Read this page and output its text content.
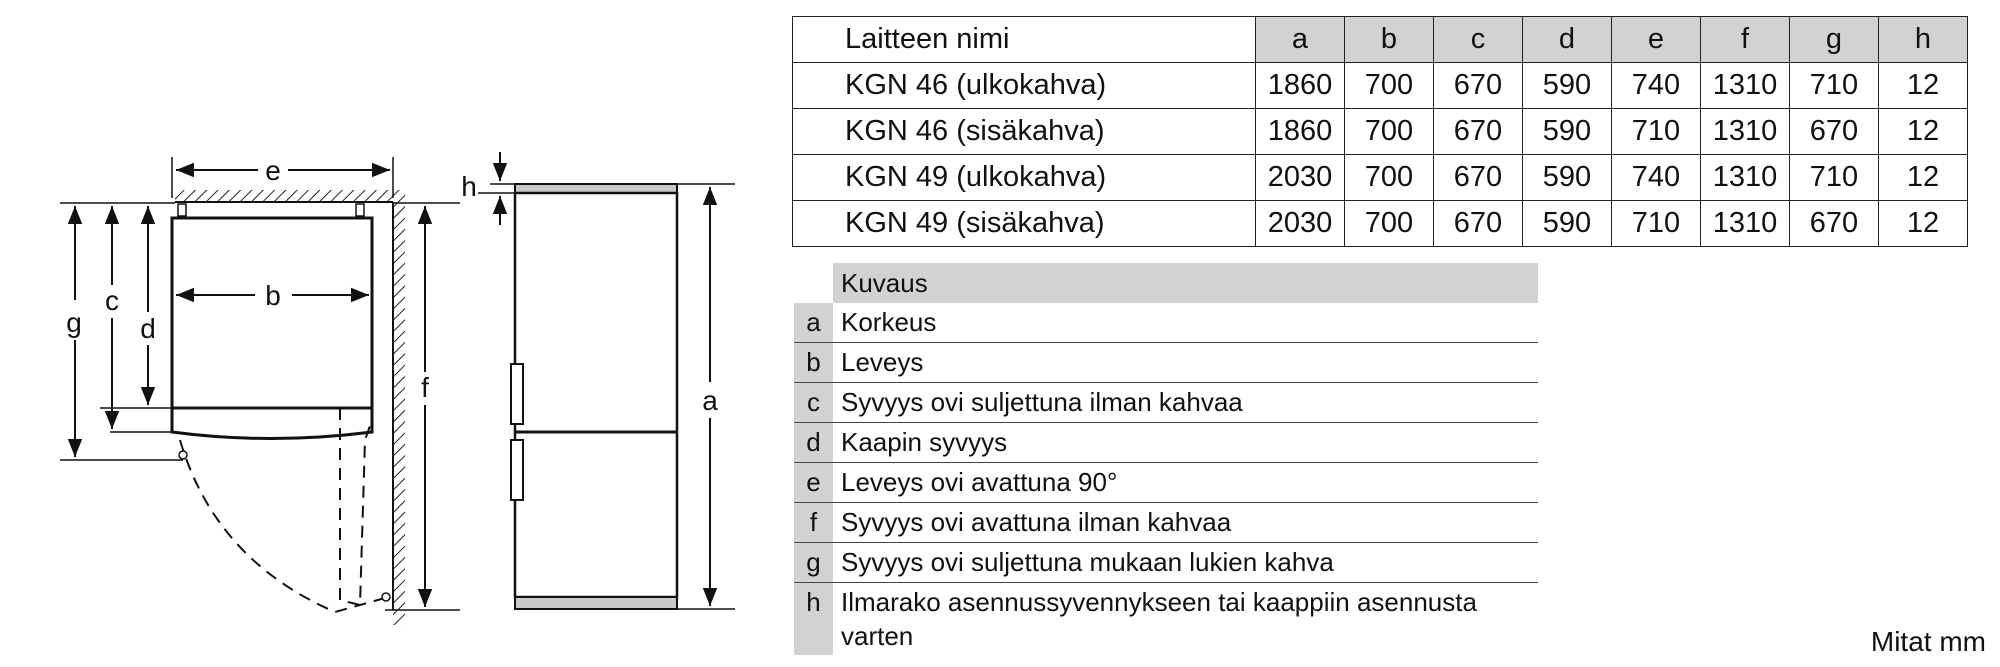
e
b
g
c
d
f
h
a
Laitteen nimi	a	b	c	d	e	f	g	h
KGN 46 (ulkokahva)	1860	700	670	590	740	1310	710	12
KGN 46 (sisäkahva)	1860	700	670	590	710	1310	670	12
KGN 49 (ulkokahva)	2030	700	670	590	740	1310	710	12
KGN 49 (sisäkahva)	2030	700	670	590	710	1310	670	12
Kuvaus
a Korkeus
b Leveys
c Syvyys ovi suljettuna ilman kahvaa
d Kaapin syvyys
e Leveys ovi avattuna 90°
f Syvyys ovi avattuna ilman kahvaa
g Syvyys ovi suljettuna mukaan lukien kahva
h Ilmarako asennussyvennykseen tai kaappiin asennusta varten	Mitat mm
